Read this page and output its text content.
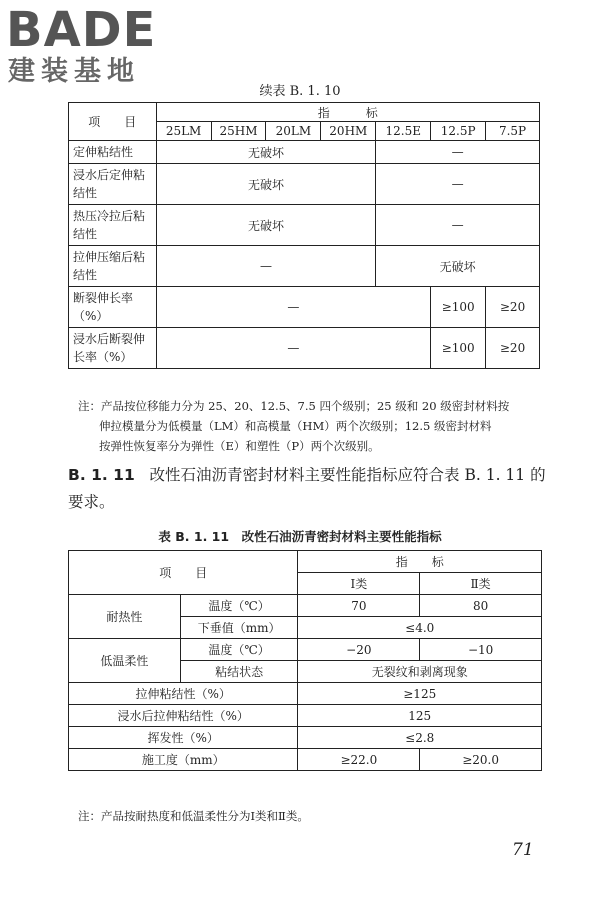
BADE
建装基地
续表 B. 1. 10
项　　目	指　　　标						
	25LM	25HM	20LM	20HM	12.5E	12.5P	7.5P
定伸粘结性	无破坏				—		
浸水后定伸粘结性	无破坏				—		
热压冷拉后粘结性	无破坏				—		
拉伸压缩后粘结性	—				无破坏		
断裂伸长率（%）	—					≥100	≥20
浸水后断裂伸长率（%）	—					≥100	≥20
注：产品按位移能力分为 25、20、12.5、7.5 四个级别；25 级和 20 级密封材料按
伸拉模量分为低模量（LM）和高模量（HM）两个次级别；12.5 级密封材料
按弹性恢复率分为弹性（E）和塑性（P）两个次级别。
B. 1. 11 改性石油沥青密封材料主要性能指标应符合表 B. 1. 11 的要求。
表 B. 1. 11　改性石油沥青密封材料主要性能指标
项　　目		指　　标	
		Ⅰ类	Ⅱ类
耐热性	温度（℃）	70	80
	下垂值（mm）	≤4.0	
低温柔性	温度（℃）	−20	−10
	粘结状态	无裂纹和剥离现象	
拉伸粘结性（%）		≥125	
浸水后拉伸粘结性（%）		125	
挥发性（%）		≤2.8	
施工度（mm）		≥22.0	≥20.0
注：产品按耐热度和低温柔性分为Ⅰ类和Ⅱ类。
71
